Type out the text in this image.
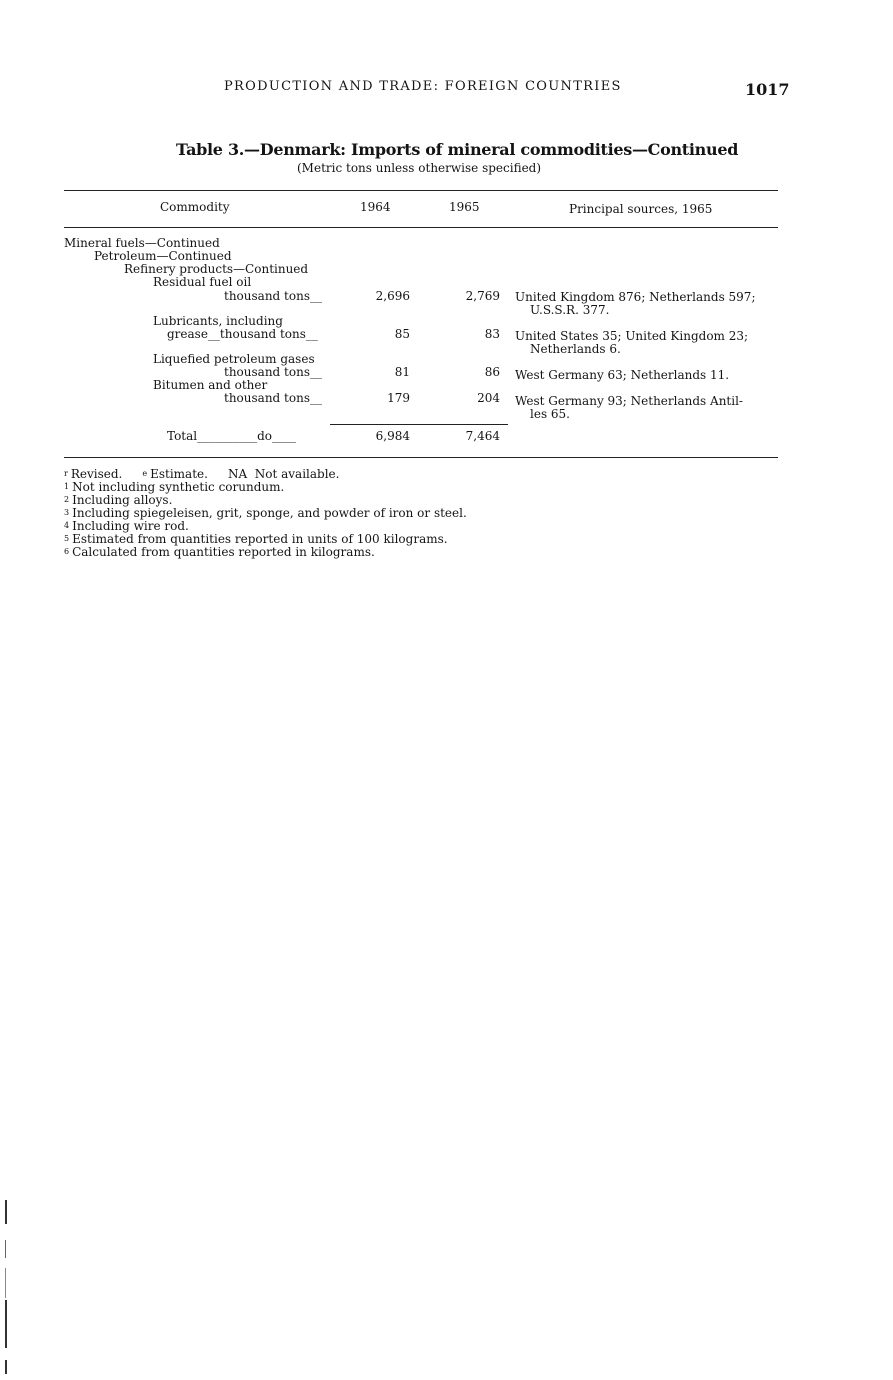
PRODUCTION AND TRADE: FOREIGN COUNTRIES	1017
Table 3.—Denmark: Imports of mineral commodities—Continued
(Metric tons unless otherwise specified)
Commodity	1964	1965	Principal sources, 1965
Mineral fuels—Continued
Petroleum—Continued
Refinery products—Continued
Residual fuel oil
thousand tons__	2,696	2,769 United Kingdom 876; Netherlands 597;
U.S.S.R. 377.
Lubricants, including
grease__thousand tons__	85	83 United States 35; United Kingdom 23;
Netherlands 6.
Liquefied petroleum gases
thousand tons__	81	86 West Germany 63; Netherlands 11.
Bitumen and other
thousand tons__	179	204 West Germany 93; Netherlands Antil-
les 65.
Total__________do____	6,984	7,464
$^r$ Revised.	$^e$ Estimate. NA Not available.
$^1$ Not including synthetic corundum.
$^2$ Including alloys.
$^3$ Including spiegeleisen, grit, sponge, and powder of iron or steel.
$^4$ Including wire rod.
$^5$ Estimated from quantities reported in units of 100 kilograms.
$^6$ Calculated from quantities reported in kilograms.
